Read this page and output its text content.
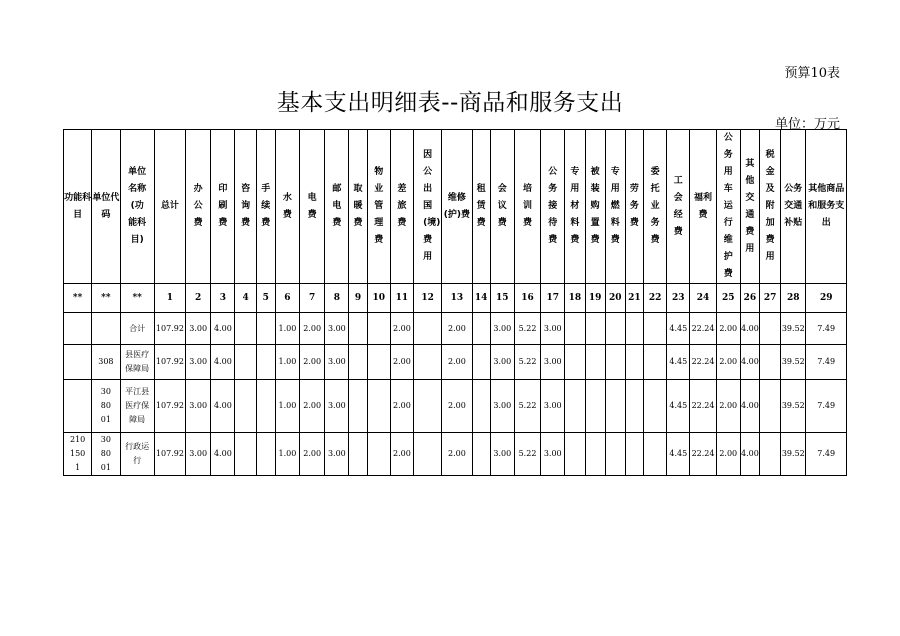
预算10表
基本支出明细表--商品和服务支出
单位：万元
功能科目	单位代码	单位名称(功能科目)	总计	办公费	印刷费	咨询费	手续费	水费	电费	邮电费	取暖费	物业管理费	差旅费	因公出国(境)费用	维修(护)费	租赁费	会议费	培训费	公务接待费	专用材料费	被装购置费	专用燃料费	劳务费	委托业务费	工会经费	福利费	公务用车运行维护费	其他交通费用	税金及附加费用	公务交通补贴	其他商品和服务支出
**	**	**	1	2	3	4	5	6	7	8	9	10	11	12	13	14	15	16	17	18	19	20	21	22	23	24	25	26	27	28	29

		合计	107.92	3.00	4.00			1.00	2.00	3.00			2.00		2.00		3.00	5.22	3.00						4.45	22.24	2.00	4.00		39.52	7.49

	308	县医疗保障局	107.92	3.00	4.00			1.00	2.00	3.00			2.00		2.00		3.00	5.22	3.00						4.45	22.24	2.00	4.00		39.52	7.49

	308001	平江县医疗保障局	107.92	3.00	4.00			1.00	2.00	3.00			2.00		2.00		3.00	5.22	3.00						4.45	22.24	2.00	4.00		39.52	7.49

2101501	308001	行政运行	107.92	3.00	4.00			1.00	2.00	3.00			2.00		2.00		3.00	5.22	3.00						4.45	22.24	2.00	4.00		39.52	7.49
